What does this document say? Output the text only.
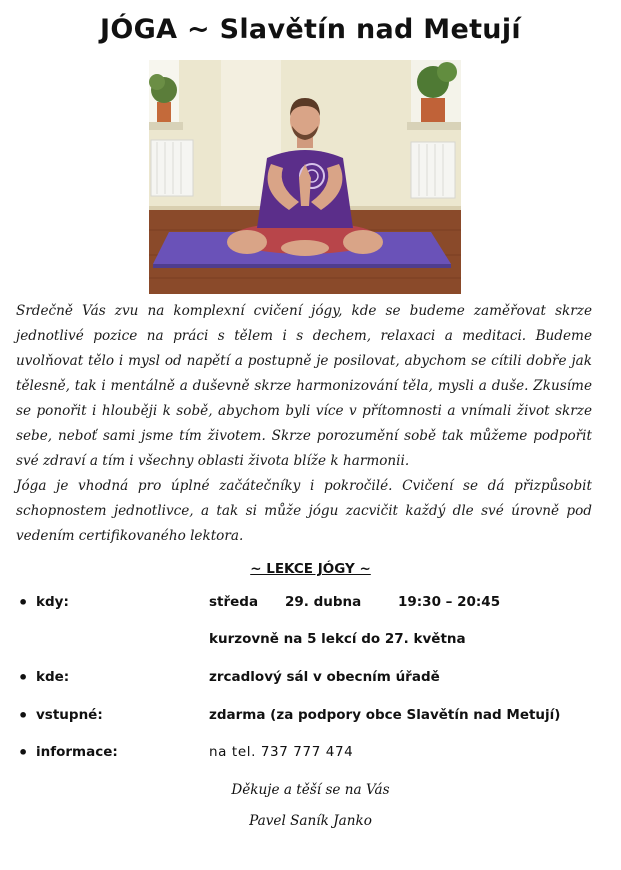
JÓGA ~ Slavětín nad Metují

Srdečně Vás zvu na komplexní cvičení jógy, kde se budeme zaměřovat skrze jednotlivé pozice na práci s tělem i s dechem, relaxaci a meditaci. Budeme uvolňovat tělo i mysl od napětí a postupně je posilovat, abychom se cítili dobře jak tělesně, tak i mentálně a duševně skrze harmonizování těla, mysli a duše. Zkusíme se ponořit i hlouběji k sobě, abychom byli více v přítomnosti a vnímali život skrze sebe, neboť sami jsme tím životem. Skrze porozumění sobě tak můžeme podpořit své zdraví a tím i všechny oblasti života blíže k harmonii.

Jóga je vhodná pro úplné začátečníky i pokročilé. Cvičení se dá přizpůsobit schopnostem jednotlivce, a tak si může jógu zacvičit každý dle své úrovně pod vedením certifikovaného lektora.

~ LEKCE JÓGY ~
• kdy:	středa 29. dubna	19:30 – 20:45
kurzovně na 5 lekcí do 27. května
• kde:	zrcadlový sál v obecním úřadě
• vstupné:	zdarma (za podpory obce Slavětín nad Metují)
• informace:	na tel. 737 777 474
Děkuje a těší se na Vás
Pavel Saník Janko
